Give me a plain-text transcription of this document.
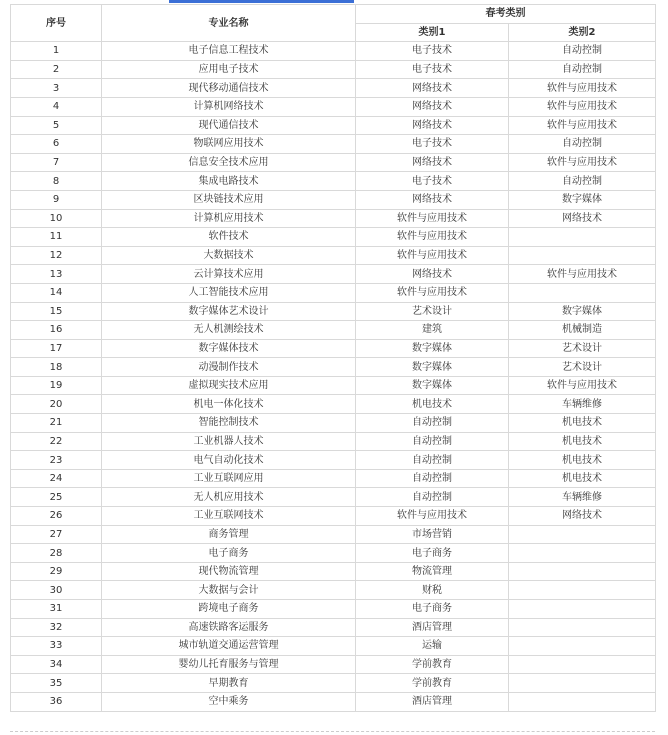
序号	专业名称	春考类别	
		类别1	类别2
1	电子信息工程技术	电子技术	自动控制
2	应用电子技术	电子技术	自动控制
3	现代移动通信技术	网络技术	软件与应用技术
4	计算机网络技术	网络技术	软件与应用技术
5	现代通信技术	网络技术	软件与应用技术
6	物联网应用技术	电子技术	自动控制
7	信息安全技术应用	网络技术	软件与应用技术
8	集成电路技术	电子技术	自动控制
9	区块链技术应用	网络技术	数字媒体
10	计算机应用技术	软件与应用技术	网络技术
11	软件技术	软件与应用技术	
12	大数据技术	软件与应用技术	
13	云计算技术应用	网络技术	软件与应用技术
14	人工智能技术应用	软件与应用技术	
15	数字媒体艺术设计	艺术设计	数字媒体
16	无人机测绘技术	建筑	机械制造
17	数字媒体技术	数字媒体	艺术设计
18	动漫制作技术	数字媒体	艺术设计
19	虚拟现实技术应用	数字媒体	软件与应用技术
20	机电一体化技术	机电技术	车辆维修
21	智能控制技术	自动控制	机电技术
22	工业机器人技术	自动控制	机电技术
23	电气自动化技术	自动控制	机电技术
24	工业互联网应用	自动控制	机电技术
25	无人机应用技术	自动控制	车辆维修
26	工业互联网技术	软件与应用技术	网络技术
27	商务管理	市场营销	
28	电子商务	电子商务	
29	现代物流管理	物流管理	
30	大数据与会计	财税	
31	跨境电子商务	电子商务	
32	高速铁路客运服务	酒店管理	
33	城市轨道交通运营管理	运输	
34	婴幼儿托育服务与管理	学前教育	
35	早期教育	学前教育	
36	空中乘务	酒店管理	
